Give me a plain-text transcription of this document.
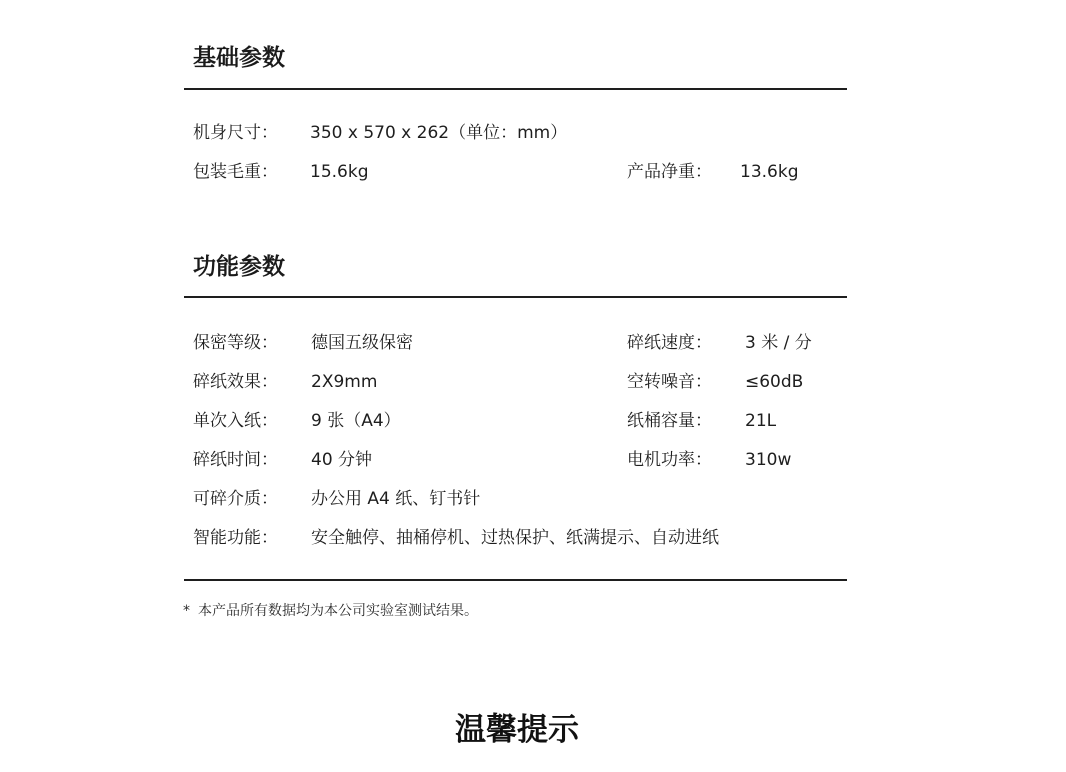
基础参数
机身尺寸： 350 x 570 x 262（单位：mm）
包装毛重： 15.6kg	产品净重： 13.6kg
功能参数
保密等级： 德国五级保密	碎纸速度： 3 米 / 分
碎纸效果： 2X9mm	空转噪音： ≤60dB
单次入纸： 9 张（A4）	纸桶容量： 21L
碎纸时间： 40 分钟	电机功率： 310w
可碎介质： 办公用 A4 纸、钉书针
智能功能： 安全触停、抽桶停机、过热保护、纸满提示、自动进纸
* 本产品所有数据均为本公司实验室测试结果。
温馨提示
